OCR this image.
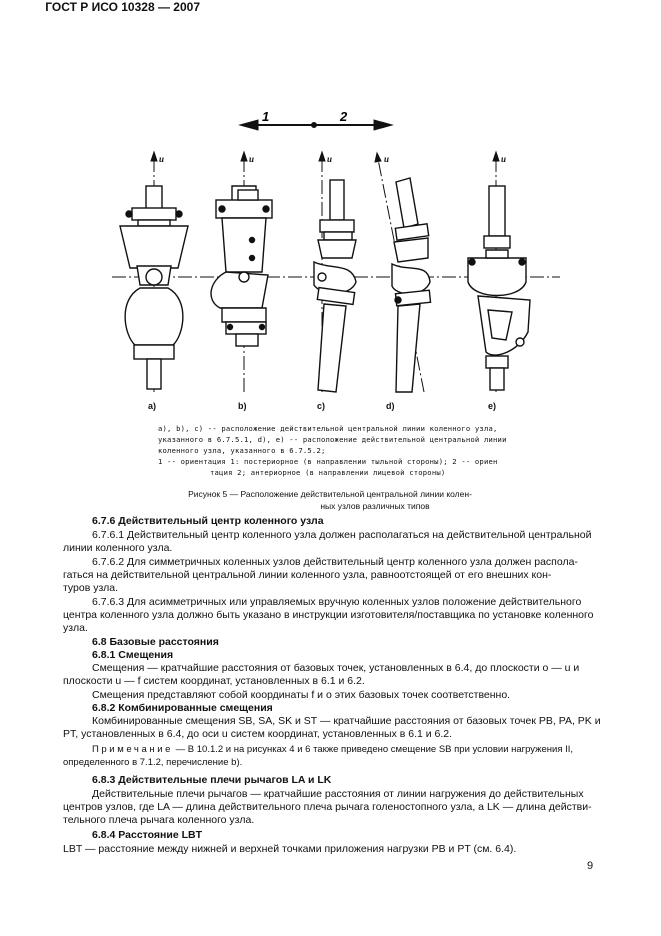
ГОСТ Р ИСО 10328 — 2007
1	2
u	u	u	u	u
a)	b)	c)	d)	e)
a), b), c) -- расположение действительной центральной линии коленного узла,
указанного в 6.7.5.1, d), e) -- расположение действительной центральной линии
коленного узла, указанного в 6.7.5.2;
1 -- ориентация 1: постериорное (в направлении тыльной стороны); 2 -- ориен
тация 2; антериорное (в направлении лицевой стороны)
Рисунок 5 — Расположение действительной центральной линии колен-
ных узлов различных типов
6.7.6 Действительный центр коленного узла
6.7.6.1 Действительный центр коленного узла должен располагаться на действительной центральной
линии коленного узла.
6.7.6.2 Для симметричных коленных узлов действительный центр коленного узла должен распола-
гаться на действительной центральной линии коленного узла, равноотстоящей от его внешних кон-
туров узла.
6.7.6.3 Для асимметричных или управляемых вручную коленных узлов положение действительного
центра коленного узла должно быть указано в инструкции изготовителя/поставщика по установке коленного
узла.
6.8 Базовые расстояния
6.8.1 Смещения
Смещения — кратчайшие расстояния от базовых точек, установленных в 6.4, до плоскости o — u и
плоскости u — f систем координат, установленных в 6.1 и 6.2.
Смещения представляют собой координаты f и o этих базовых точек соответственно.
6.8.2 Комбинированные смещения
Комбинированные смещения SB, SA, SK и ST — кратчайшие расстояния от базовых точек PB, PA, PK и
PT, установленных в 6.4, до оси u систем координат, установленных в 6.1 и 6.2.
Примечание — В 10.1.2 и на рисунках 4 и 6 также приведено смещение SB при условии нагружения II,
определенного в 7.1.2, перечисление b).
6.8.3 Действительные плечи рычагов LA и LK
Действительные плечи рычагов — кратчайшие расстояния от линии нагружения до действительных
центров узлов, где LA — длина действительного плеча рычага голеностопного узла, а LK — длина действи-
тельного плеча рычага коленного узла.
6.8.4 Расстояние LBT
LBT — расстояние между нижней и верхней точками приложения нагрузки PB и PT (см. 6.4).
9
